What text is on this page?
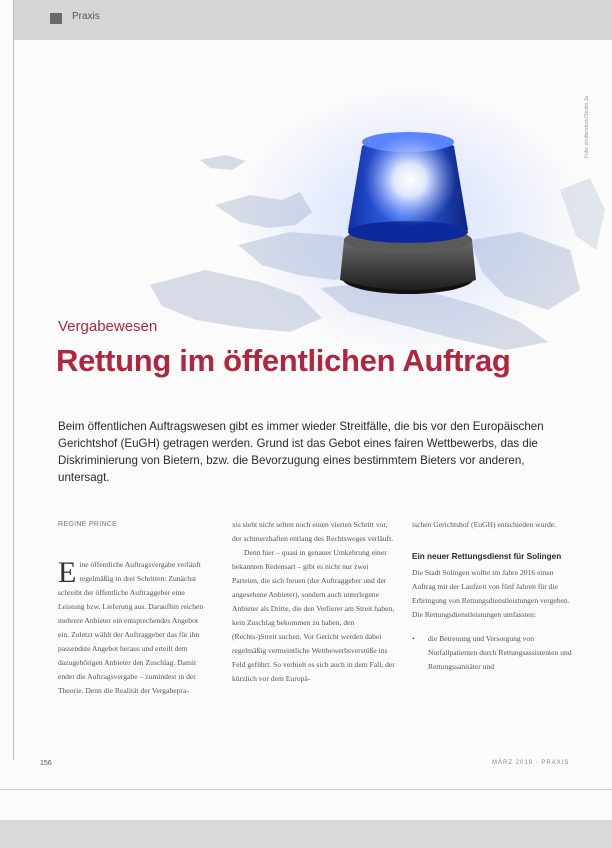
Praxis
Foto: shutterstock/Studio Ja
Vergabewesen
Rettung im öffentlichen Auftrag
Beim öffentlichen Auftragswesen gibt es immer wieder Streitfälle, die bis vor den Europäischen Gerichtshof (EuGH) getragen werden. Grund ist das Gebot eines fairen Wettbewerbs, das die Diskriminierung von Bietern, bzw. die Bevorzugung eines bestimmtem Bieters vor anderen, untersagt.
REGINE PRINCE

Eine öffentliche Auftragsvergabe verläuft regelmäßig in drei Schritten: Zunächst schreibt der öffentliche Auftraggeber eine Leistung bzw. Lieferung aus. Daraufhin reichen mehrere Anbieter ein entsprechendes Angebot ein. Zuletzt wählt der Auftraggeber das für ihn passendste Angebot heraus und erteilt dem dazugehörigen Anbieter den Zuschlag. Damit endet die Auftragsvergabe – zumindest in der Theorie. Denn die Realität der Vergabepra-

xis sieht nicht selten noch einen vierten Schritt vor, der schmerzhaften entlang des Rechtsweges verläuft.

Denn hier – quasi in genauer Umkehrung einer bekannten Redensart – gibt es nicht nur zwei Parteien, die sich freuen (der Auftraggeber und der angesehene Anbieter), sondern auch unterlegene Anbieter als Dritte, die den Verlierer am Streit haben, kein Zuschlag bekommen zu haben, den (Rechts-)Streit suchen. Vor Gericht werden dabei regelmäßig vermeintliche Wettbewerbsverstöße ins Feld geführt. So verhielt es sich auch in dem Fall, der kürzlich vor dem Europä-

ischen Gerichtshof (EuGH) entschieden wurde.

Ein neuer Rettungsdienst für Solingen

Die Stadt Solingen wollte im Jahre 2016 einen Auftrag mit der Laufzeit von fünf Jahren für die Erbringung von Rettungsdienstleistungen vergeben. Die Rettungsdienstleistungen umfassten:

•	die Betreuung und Versorgung von Notfallpatienten durch Rettungsassistenten und Rettungssanitäter und
156	MÄRZ 2019 · PRAXIS
